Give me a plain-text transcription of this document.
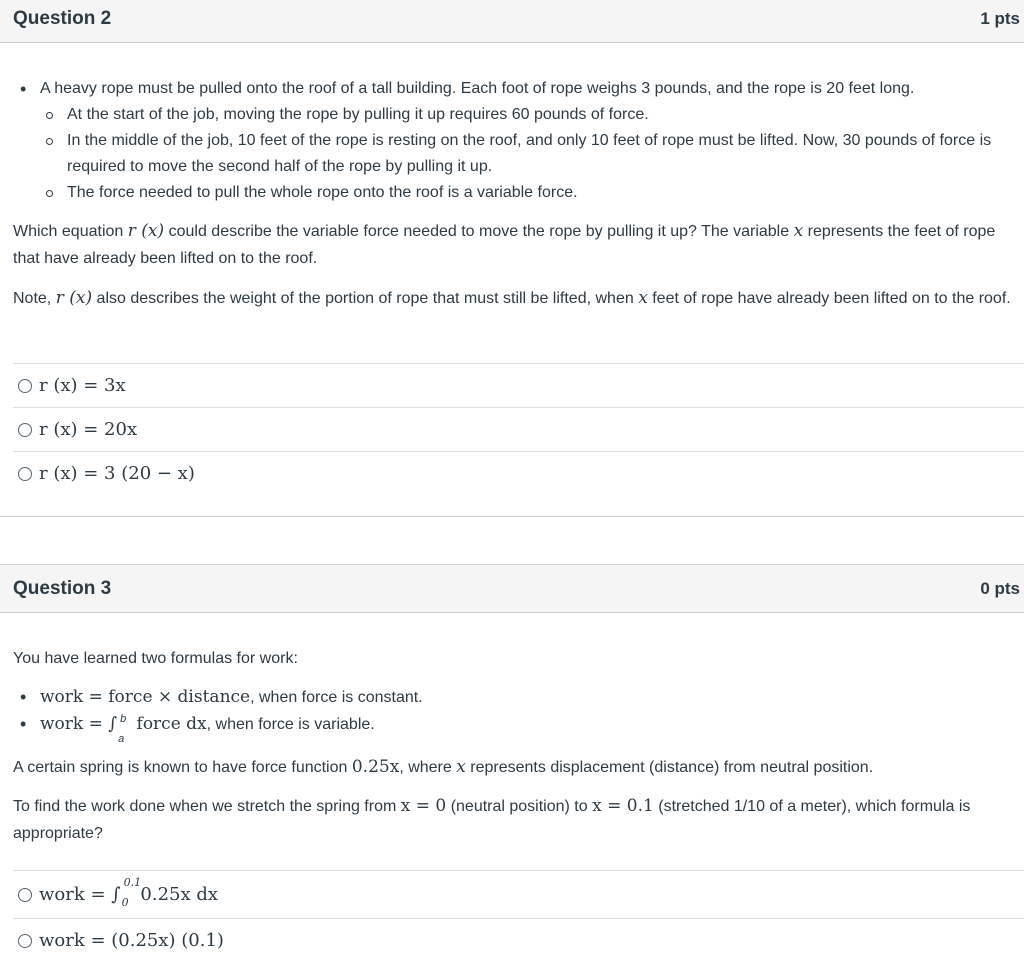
Question 2	1 pts
• A heavy rope must be pulled onto the roof of a tall building. Each foot of rope weighs 3 pounds, and the rope is 20 feet long.
At the start of the job, moving the rope by pulling it up requires 60 pounds of force.
In the middle of the job, 10 feet of the rope is resting on the roof, and only 10 feet of rope must be lifted. Now, 30 pounds of force is required to move the second half of the rope by pulling it up.
The force needed to pull the whole rope onto the roof is a variable force.

Which equation r (x) could describe the variable force needed to move the rope by pulling it up? The variable x represents the feet of rope that have already been lifted on to the roof.

Note, r (x) also describes the weight of the portion of rope that must still be lifted, when x feet of rope have already been lifted on to the roof.

r (x) = 3x
r (x) = 20x
r (x) = 3 (20 − x)
Question 3	0 pts

You have learned two formulas for work:

• work = force × distance, when force is constant.
• work = ∫ b
a
force dx, when force is variable.

A certain spring is known to have force function 0.25x, where x represents displacement (distance) from neutral position.

To find the work done when we stretch the spring from x = 0 (neutral position) to x = 0.1 (stretched 1/10 of a meter), which formula is appropriate?

work = ∫
0.1
0 0.25x dx
work = (0.25x) (0.1)
